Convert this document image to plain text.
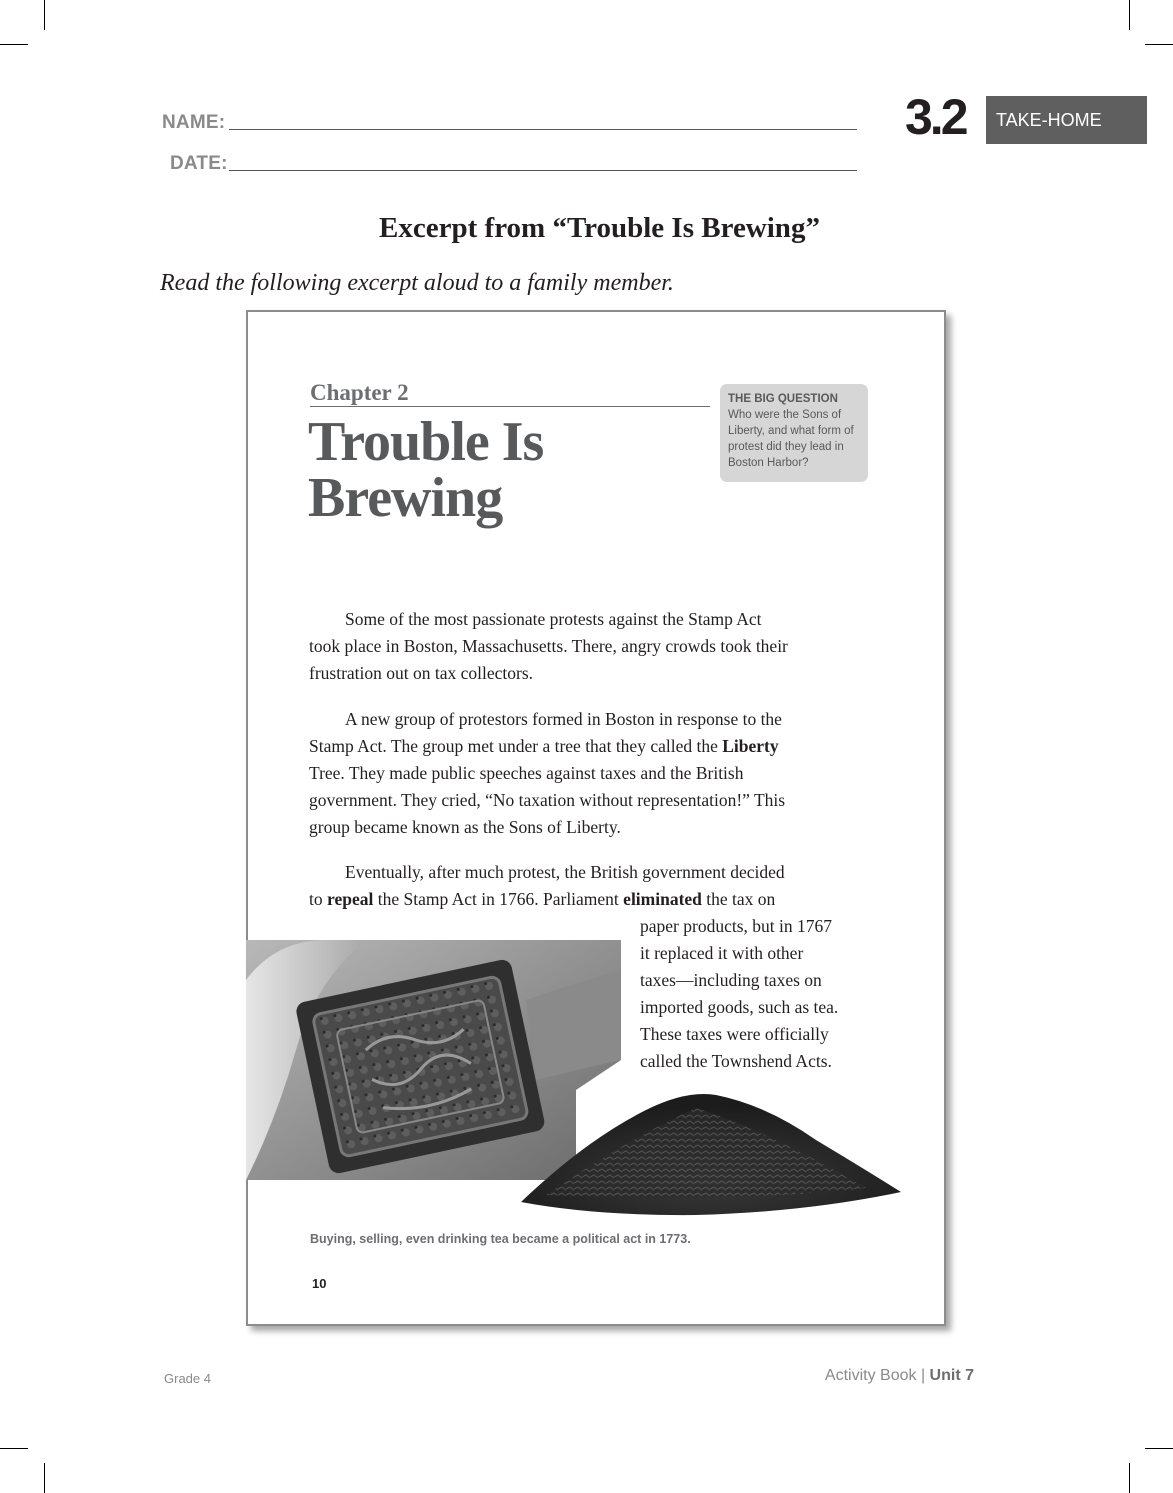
NAME:
DATE:
3.2	TAKE-HOME
Excerpt from “Trouble Is Brewing”
Read the following excerpt aloud to a family member.
Chapter 2
Trouble Is
Brewing
THE BIG QUESTION
Who were the Sons of Liberty, and what form of protest did they lead in Boston Harbor?
Some of the most passionate protests against the Stamp Act
took place in Boston, Massachusetts. There, angry crowds took their
frustration out on tax collectors.
A new group of protestors formed in Boston in response to the
Stamp Act. The group met under a tree that they called the Liberty
Tree. They made public speeches against taxes and the British
government. They cried, “No taxation without representation!” This
group became known as the Sons of Liberty.
Eventually, after much protest, the British government decided
to repeal the Stamp Act in 1766. Parliament eliminated the tax on
paper products, but in 1767
it replaced it with other
taxes—including taxes on
imported goods, such as tea.
These taxes were officially
called the Townshend Acts.
Buying, selling, even drinking tea became a political act in 1773.
10
Grade 4	Activity Book | Unit 7
